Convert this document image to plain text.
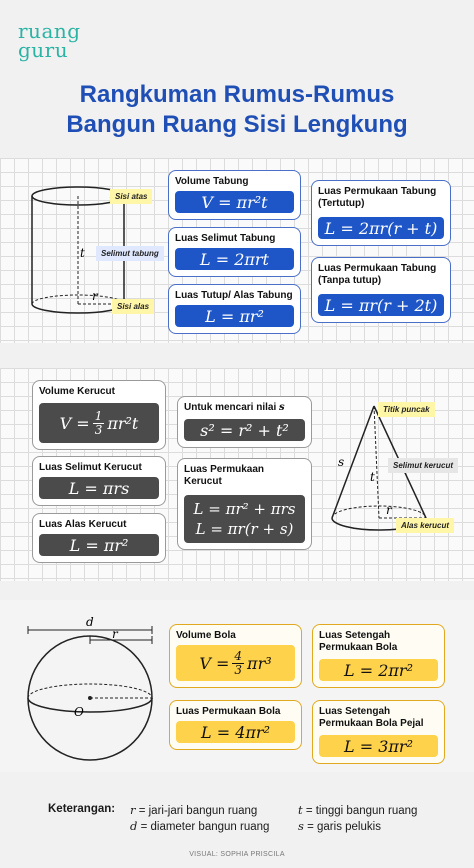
ruang
guru
Rangkuman Rumus-Rumus
Bangun Ruang Sisi Lengkung
t
r
Sisi atas
Selimut tabung
Sisi alas
Volume Tabung
V = πr²t
Luas Selimut Tabung
L = 2πrt
Luas Tutup/ Alas Tabung
L = πr²
Luas Permukaan Tabung (Tertutup)
L = 2πr(r + t)
Luas Permukaan Tabung (Tanpa tutup)
L = πr(r + 2t)
Volume Kerucut
$V = \frac{1}{3} \pi r^2t$
Luas Selimut Kerucut
L = πrs
Luas Alas Kerucut
L = πr²
Untuk mencari nilai s
s² = r² + t²
Luas Permukaan Kerucut
L = πr² + πrs
L = πr(r + s)
s
t
r
Titik puncak
Selimut kerucut
Alas kerucut
d
r
O
Volume Bola
$V = \frac{4}{3} \pi r^3$
Luas Permukaan Bola
L = 4πr²
Luas Setengah Permukaan Bola
L = 2πr²
Luas Setengah Permukaan Bola Pejal
L = 3πr²
Keterangan: r = jari-jari bangun ruang
d = diameter bangun ruang
t = tinggi bangun ruang
s = garis pelukis
VISUAL: SOPHIA PRISCILA
